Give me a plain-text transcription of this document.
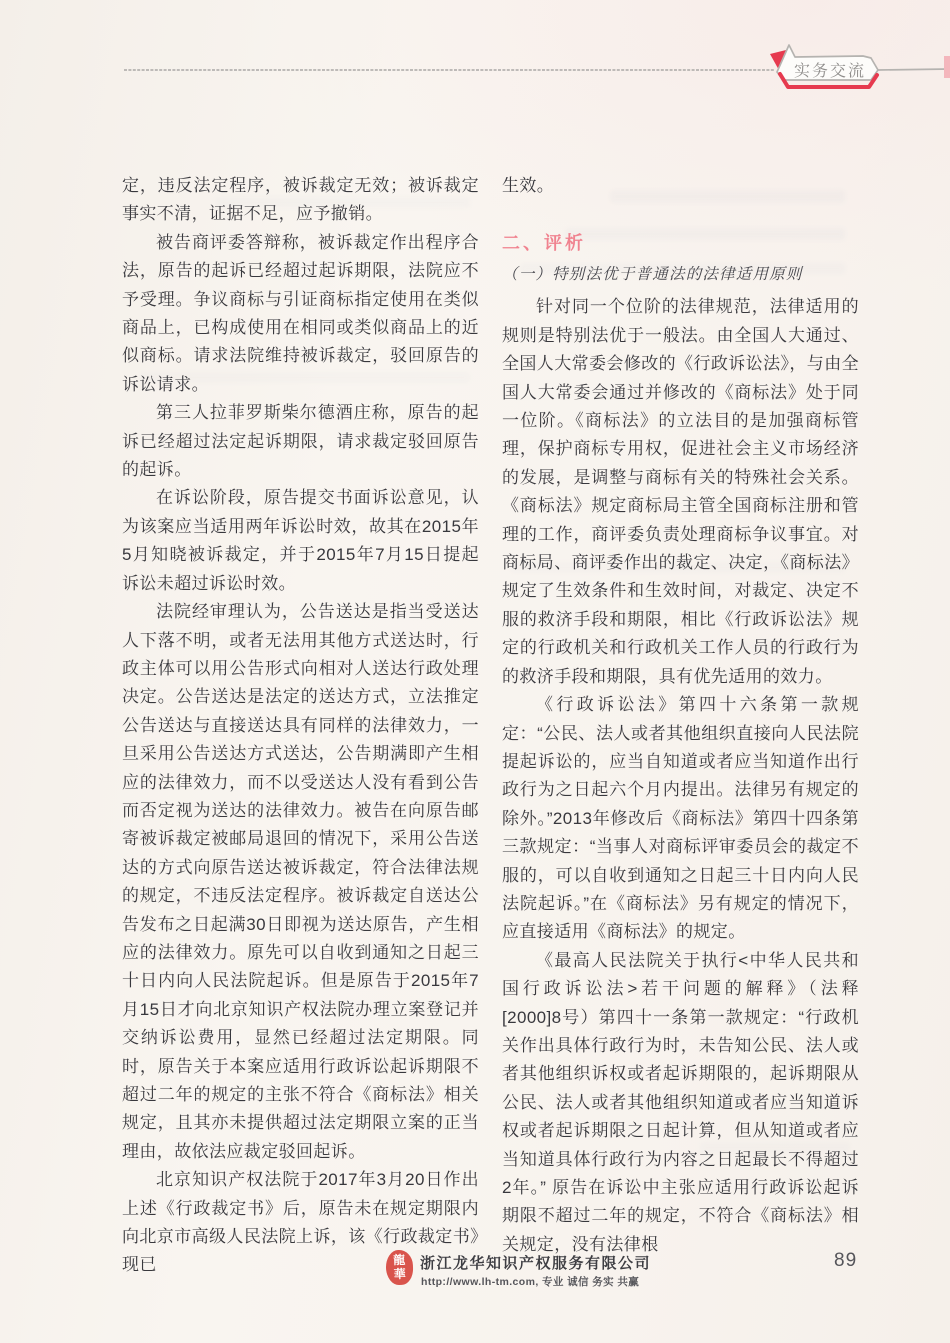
实务交流

定，违反法定程序，被诉裁定无效；被诉裁定事实不清，证据不足，应予撤销。

被告商评委答辩称，被诉裁定作出程序合法，原告的起诉已经超过起诉期限，法院应不予受理。争议商标与引证商标指定使用在类似商品上，已构成使用在相同或类似商品上的近似商标。请求法院维持被诉裁定，驳回原告的诉讼请求。

第三人拉菲罗斯柴尔德酒庄称，原告的起诉已经超过法定起诉期限，请求裁定驳回原告的起诉。

在诉讼阶段，原告提交书面诉讼意见，认为该案应当适用两年诉讼时效，故其在2015年5月知晓被诉裁定，并于2015年7月15日提起诉讼未超过诉讼时效。

法院经审理认为，公告送达是指当受送达人下落不明，或者无法用其他方式送达时，行政主体可以用公告形式向相对人送达行政处理决定。公告送达是法定的送达方式，立法推定公告送达与直接送达具有同样的法律效力，一旦采用公告送达方式送达，公告期满即产生相应的法律效力，而不以受送达人没有看到公告而否定视为送达的法律效力。被告在向原告邮寄被诉裁定被邮局退回的情况下，采用公告送达的方式向原告送达被诉裁定，符合法律法规的规定，不违反法定程序。被诉裁定自送达公告发布之日起满30日即视为送达原告，产生相应的法律效力。原先可以自收到通知之日起三十日内向人民法院起诉。但是原告于2015年7月15日才向北京知识产权法院办理立案登记并交纳诉讼费用，显然已经超过法定期限。同时，原告关于本案应适用行政诉讼起诉期限不超过二年的规定的主张不符合《商标法》相关规定，且其亦未提供超过法定期限立案的正当理由，故依法应裁定驳回起诉。

北京知识产权法院于2017年3月20日作出上述《行政裁定书》后，原告未在规定期限内向北京市高级人民法院上诉，该《行政裁定书》现已

生效。

二、评析
（一）特别法优于普通法的法律适用原则

针对同一个位阶的法律规范，法律适用的规则是特别法优于一般法。由全国人大通过、全国人大常委会修改的《行政诉讼法》，与由全国人大常委会通过并修改的《商标法》处于同一位阶。《商标法》的立法目的是加强商标管理，保护商标专用权，促进社会主义市场经济的发展，是调整与商标有关的特殊社会关系。《商标法》规定商标局主管全国商标注册和管理的工作，商评委负责处理商标争议事宜。对商标局、商评委作出的裁定、决定，《商标法》规定了生效条件和生效时间，对裁定、决定不服的救济手段和期限，相比《行政诉讼法》规定的行政机关和行政机关工作人员的行政行为的救济手段和期限，具有优先适用的效力。

《行政诉讼法》第四十六条第一款规定：“公民、法人或者其他组织直接向人民法院提起诉讼的，应当自知道或者应当知道作出行政行为之日起六个月内提出。法律另有规定的除外。”2013年修改后《商标法》第四十四条第三款规定：“当事人对商标评审委员会的裁定不服的，可以自收到通知之日起三十日内向人民法院起诉。”在《商标法》另有规定的情况下，应直接适用《商标法》的规定。

《最高人民法院关于执行<中华人民共和国行政诉讼法>若干问题的解释》（法释[2000]8号）第四十一条第一款规定：“行政机关作出具体行政行为时，未告知公民、法人或者其他组织诉权或者起诉期限的，起诉期限从公民、法人或者其他组织知道或者应当知道诉权或者起诉期限之日起计算，但从知道或者应当知道具体行政行为内容之日起最长不得超过2年。” 原告在诉讼中主张应适用行政诉讼起诉期限不超过二年的规定，不符合《商标法》相关规定，没有法律根

龍
華
浙江龙华知识产权服务有限公司
http://www.lh-tm.com, 专业 诚信 务实 共赢
89
